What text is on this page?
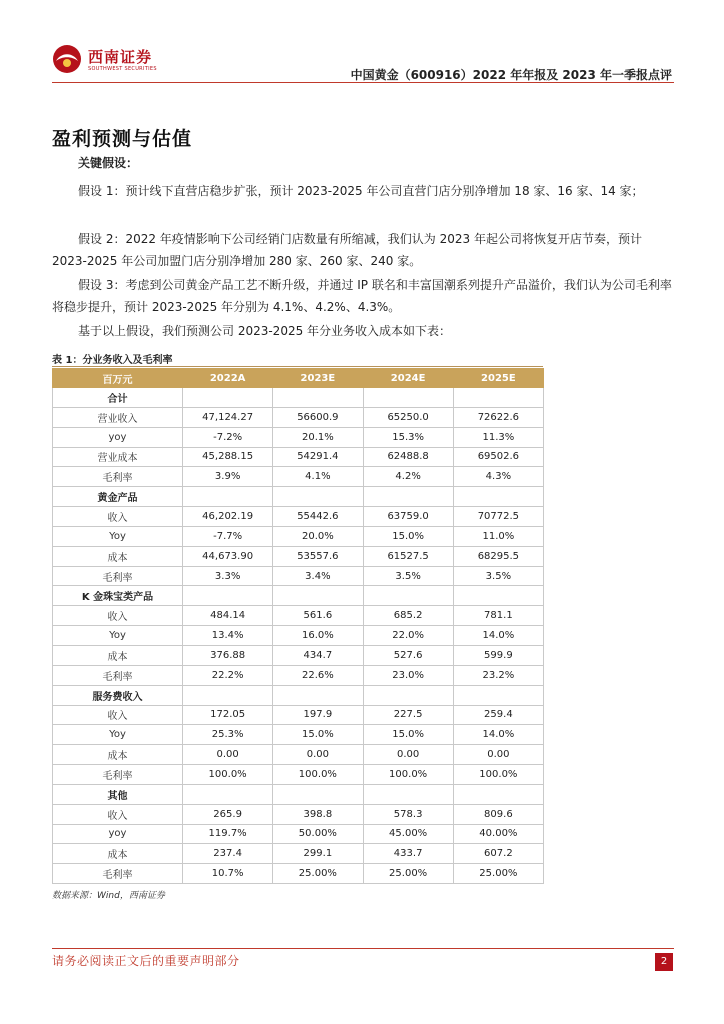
西南证券
SOUTHWEST SECURITIES	中国黄金（600916）2022 年年报及 2023 年一季报点评
盈利预测与估值
关键假设：
假设 1：预计线下直营店稳步扩张，预计 2023-2025 年公司直营门店分别净增加 18 家、16 家、14 家；
假设 2：2022 年疫情影响下公司经销门店数量有所缩减，我们认为 2023 年起公司将恢复开店节奏，预计 2023-2025 年公司加盟门店分别净增加 280 家、260 家、240 家。
假设 3：考虑到公司黄金产品工艺不断升级，并通过 IP 联名和丰富国潮系列提升产品溢价，我们认为公司毛利率将稳步提升，预计 2023-2025 年分别为 4.1%、4.2%、4.3%。
基于以上假设，我们预测公司 2023-2025 年分业务收入成本如下表：
表 1：分业务收入及毛利率
百万元	2022A	2023E	2024E	2025E
合计				
营业收入	47,124.27	56600.9	65250.0	72622.6
yoy	-7.2%	20.1%	15.3%	11.3%
营业成本	45,288.15	54291.4	62488.8	69502.6
毛利率	3.9%	4.1%	4.2%	4.3%
黄金产品				
收入	46,202.19	55442.6	63759.0	70772.5
Yoy	-7.7%	20.0%	15.0%	11.0%
成本	44,673.90	53557.6	61527.5	68295.5
毛利率	3.3%	3.4%	3.5%	3.5%
K 金珠宝类产品				
收入	484.14	561.6	685.2	781.1
Yoy	13.4%	16.0%	22.0%	14.0%
成本	376.88	434.7	527.6	599.9
毛利率	22.2%	22.6%	23.0%	23.2%
服务费收入				
收入	172.05	197.9	227.5	259.4
Yoy	25.3%	15.0%	15.0%	14.0%
成本	0.00	0.00	0.00	0.00
毛利率	100.0%	100.0%	100.0%	100.0%
其他				
收入	265.9	398.8	578.3	809.6
yoy	119.7%	50.00%	45.00%	40.00%
成本	237.4	299.1	433.7	607.2
毛利率	10.7%	25.00%	25.00%	25.00%
数据来源：Wind，西南证券
请务必阅读正文后的重要声明部分	2
